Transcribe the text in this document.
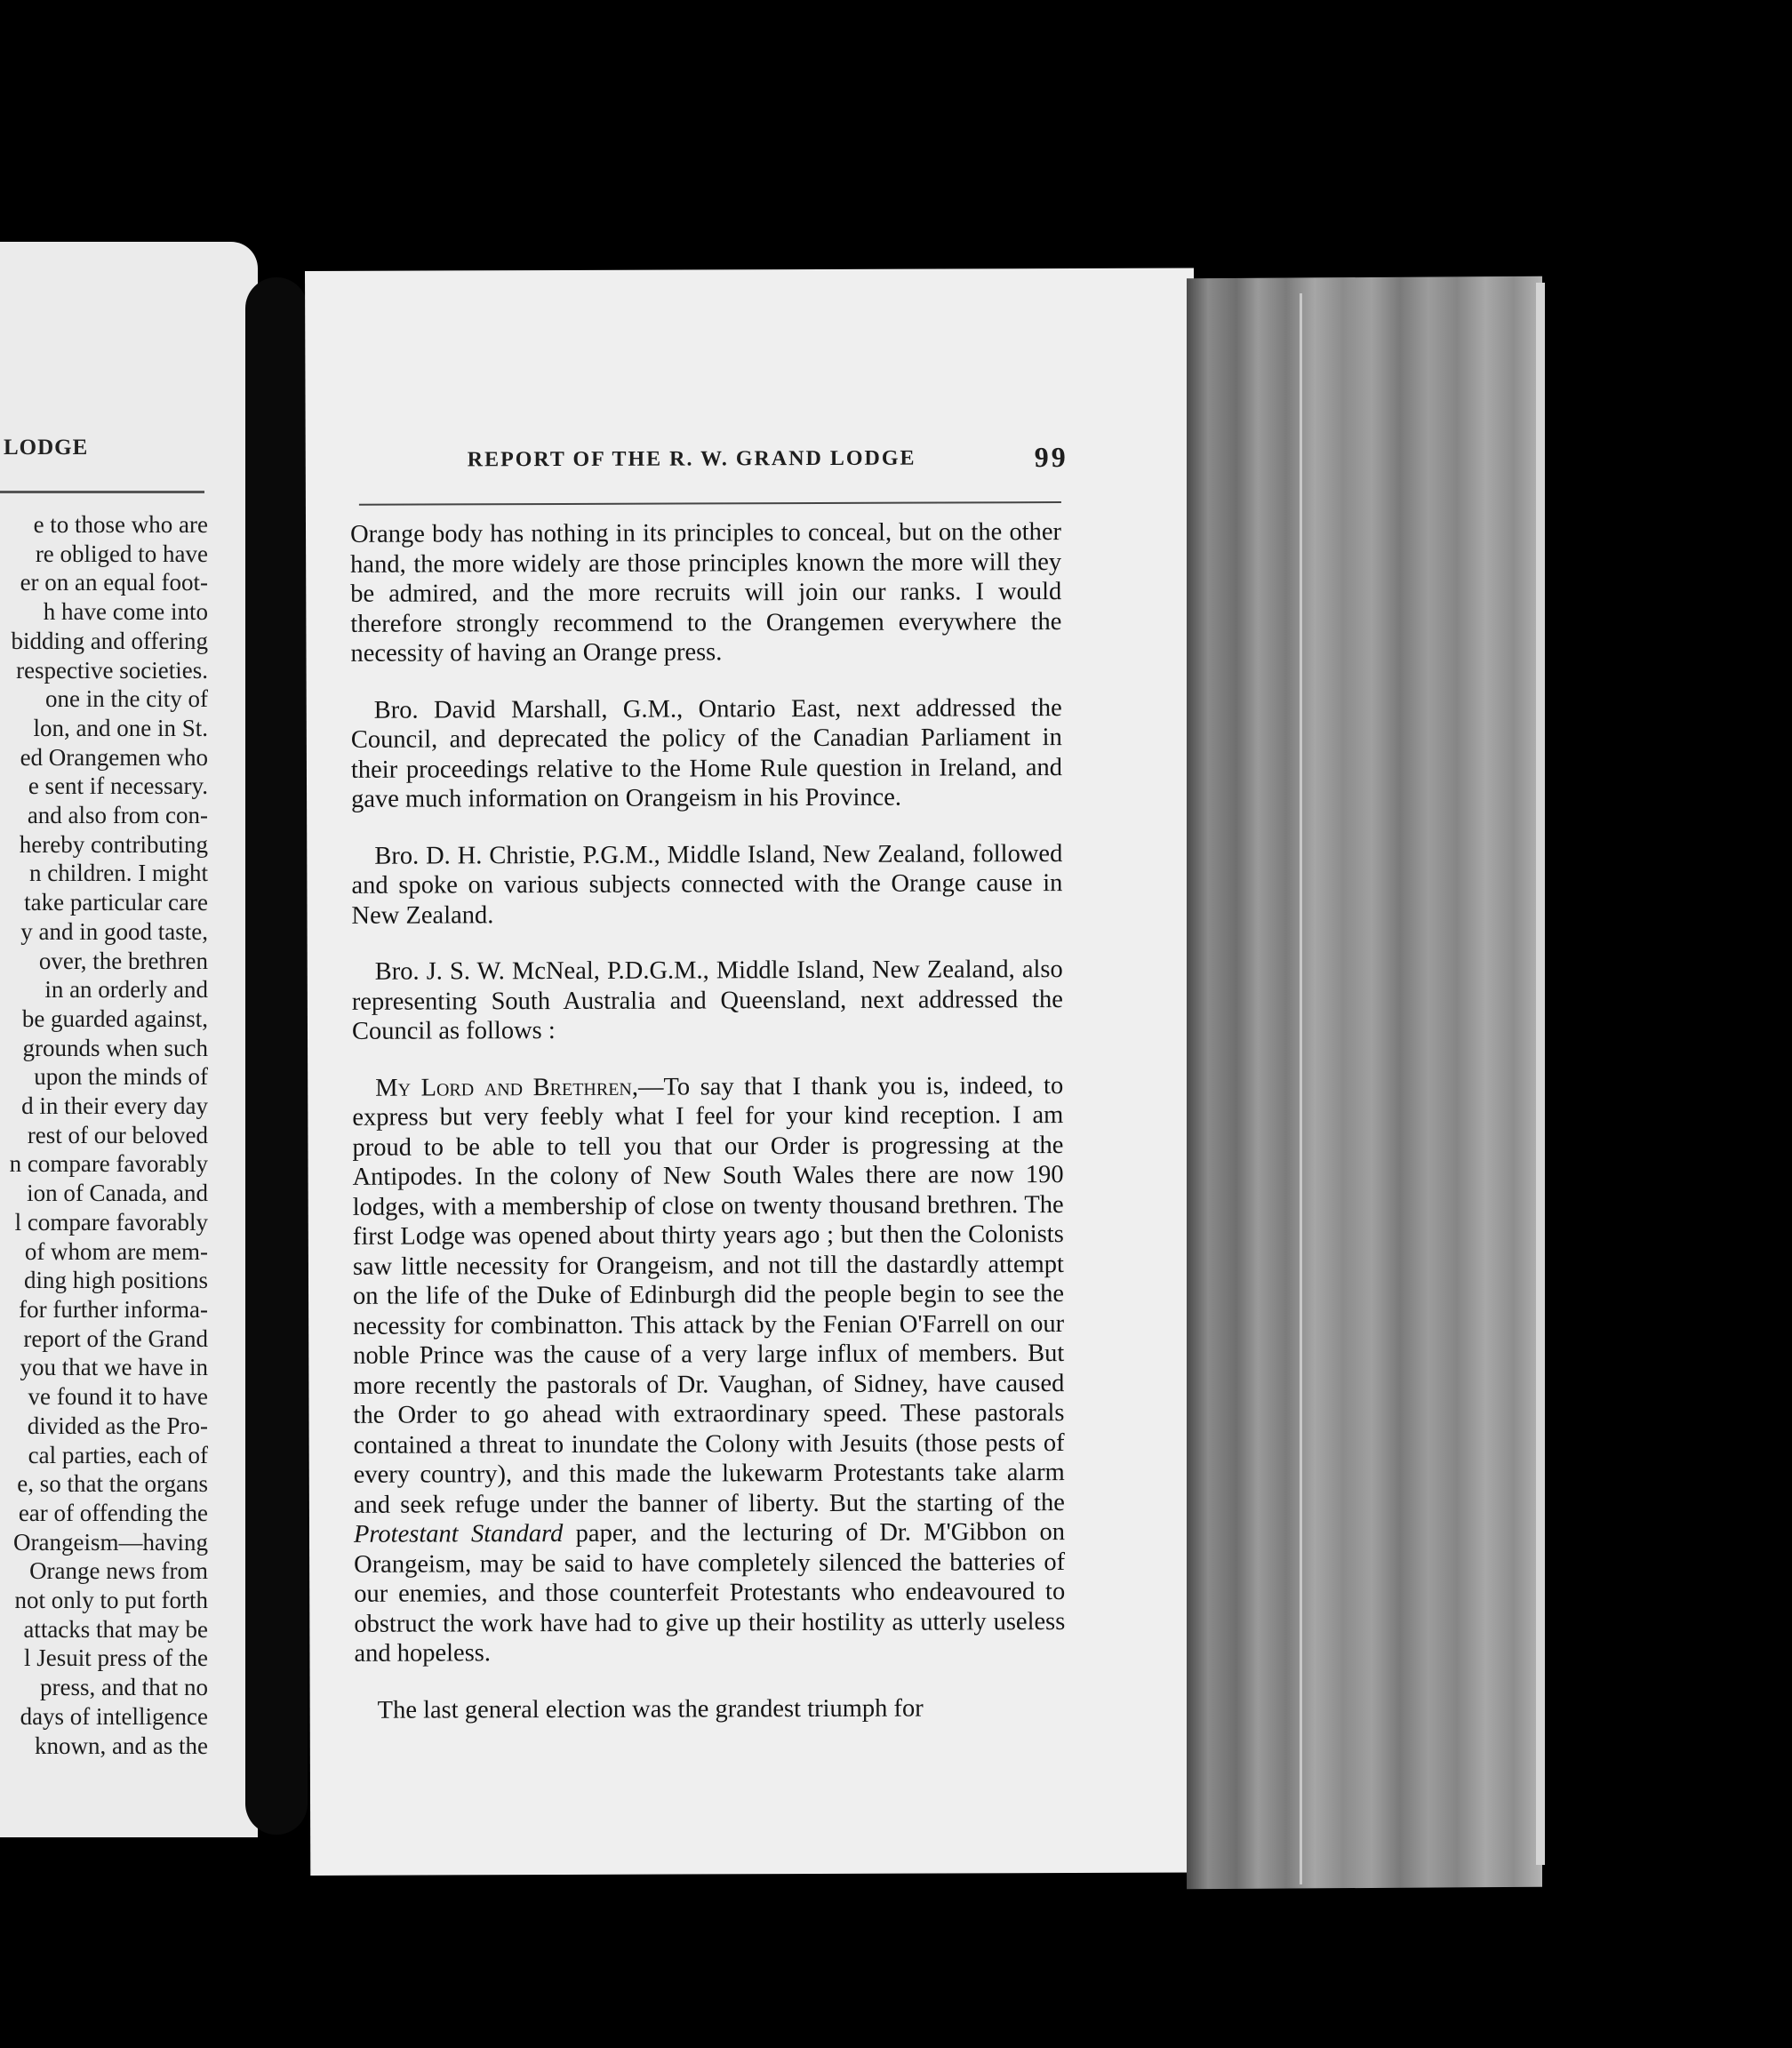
LODGE
e to those who are
re obliged to have
er on an equal foot-
h have come into
bidding and offering
respective societies.
one in the city of
lon, and one in St.
ed Orangemen who
e sent if necessary.
and also from con-
hereby contributing
n children. I might
take particular care
y and in good taste,
over, the brethren
in an orderly and
be guarded against,
grounds when such
upon the minds of
d in their every day
rest of our beloved
n compare favorably
ion of Canada, and
l compare favorably
of whom are mem-
ding high positions
for further informa-
report of the Grand
you that we have in
ve found it to have
divided as the Pro-
cal parties, each of
e, so that the organs
ear of offending the
Orangeism—having
Orange news from
not only to put forth
attacks that may be
l Jesuit press of the
press, and that no
days of intelligence
known, and as the
REPORT OF THE R. W. GRAND LODGE	99

Orange body has nothing in its principles to conceal, but on the other hand, the more widely are those principles known the more will they be admired, and the more recruits will join our ranks. I would therefore strongly recommend to the Orangemen everywhere the necessity of having an Orange press.

Bro. David Marshall, G.M., Ontario East, next addressed the Council, and deprecated the policy of the Canadian Parliament in their proceedings relative to the Home Rule question in Ireland, and gave much information on Orangeism in his Province.

Bro. D. H. Christie, P.G.M., Middle Island, New Zealand, followed and spoke on various subjects connected with the Orange cause in New Zealand.

Bro. J. S. W. McNeal, P.D.G.M., Middle Island, New Zealand, also representing South Australia and Queensland, next addressed the Council as follows :

My Lord and Brethren,—To say that I thank you is, indeed, to express but very feebly what I feel for your kind reception. I am proud to be able to tell you that our Order is progressing at the Antipodes. In the colony of New South Wales there are now 190 lodges, with a membership of close on twenty thousand brethren. The first Lodge was opened about thirty years ago ; but then the Colonists saw little necessity for Orangeism, and not till the dastardly attempt on the life of the Duke of Edinburgh did the people begin to see the necessity for combinatton. This attack by the Fenian O'Farrell on our noble Prince was the cause of a very large influx of members. But more recently the pastorals of Dr. Vaughan, of Sidney, have caused the Order to go ahead with extraordinary speed. These pastorals contained a threat to inundate the Colony with Jesuits (those pests of every country), and this made the lukewarm Protestants take alarm and seek refuge under the banner of liberty. But the starting of the Protestant Standard paper, and the lecturing of Dr. M'Gibbon on Orangeism, may be said to have completely silenced the batteries of our enemies, and those counterfeit Protestants who endeavoured to obstruct the work have had to give up their hostility as utterly useless and hopeless.

The last general election was the grandest triumph for
